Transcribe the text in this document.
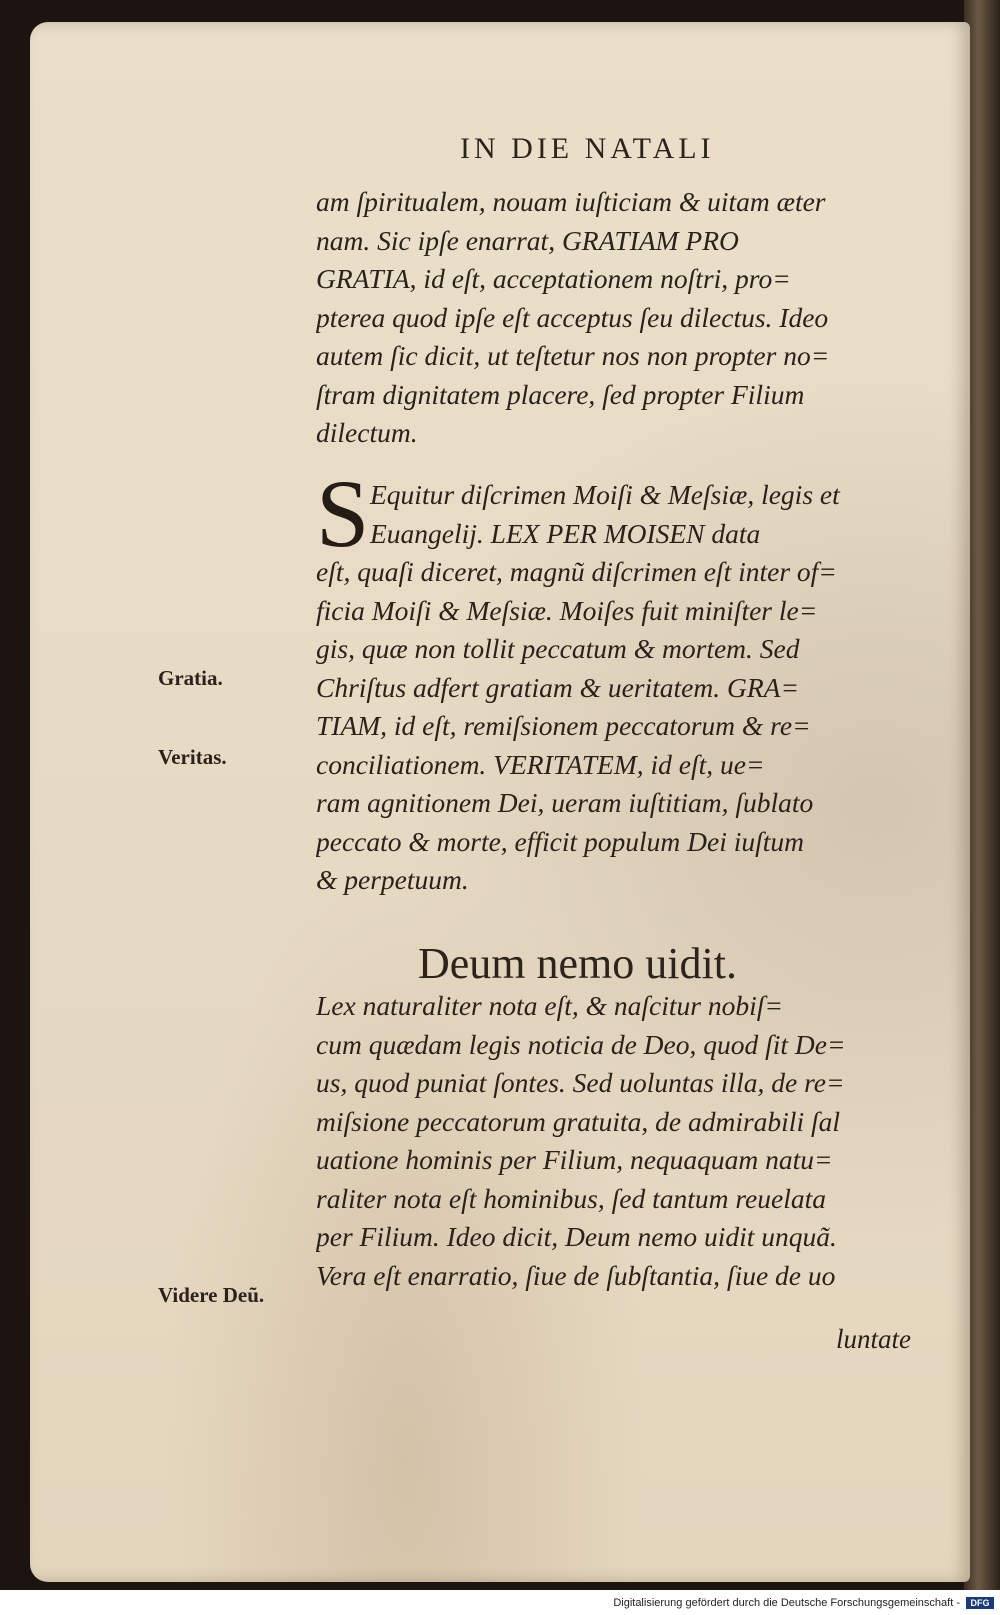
IN DIE NATALI
am ſpiritualem, nouam iuſticiam & uitam æter
nam. Sic ipſe enarrat, GRATIAM PRO
GRATIA, id eſt, acceptationem noſtri, pro=
pterea quod ipſe eſt acceptus ſeu dilectus. Ideo
autem ſic dicit, ut teſtetur nos non propter no=
ſtram dignitatem placere, ſed propter Filium
dilectum.
S Equitur diſcrimen Moiſi & Meſsiæ, legis et
Euangelij. LEX PER MOISEN data
eſt, quaſi diceret, magnũ diſcrimen eſt inter of=
ficia Moiſi & Meſsiæ. Moiſes fuit miniſter le=
gis, quæ non tollit peccatum & mortem. Sed
Chriſtus adfert gratiam & ueritatem. GRA=
TIAM, id eſt, remiſsionem peccatorum & re=
conciliationem. VERITATEM, id eſt, ue=
ram agnitionem Dei, ueram iuſtitiam, ſublato
peccato & morte, efficit populum Dei iuſtum
& perpetuum.
Deum nemo uidit.
Lex naturaliter nota eſt, & naſcitur nobiſ=
cum quædam legis noticia de Deo, quod ſit De=
us, quod puniat ſontes. Sed uoluntas illa, de re=
miſsione peccatorum gratuita, de admirabili ſal
uatione hominis per Filium, nequaquam natu=
raliter nota eſt hominibus, ſed tantum reuelata
per Filium. Ideo dicit, Deum nemo uidit unquã.
Vera eſt enarratio, ſiue de ſubſtantia, ſiue de uo
luntate
Gratia.
Veritas.
Videre Deũ.
Digitalisierung gefördert durch die Deutsche Forschungsgemeinschaft -	DFG
